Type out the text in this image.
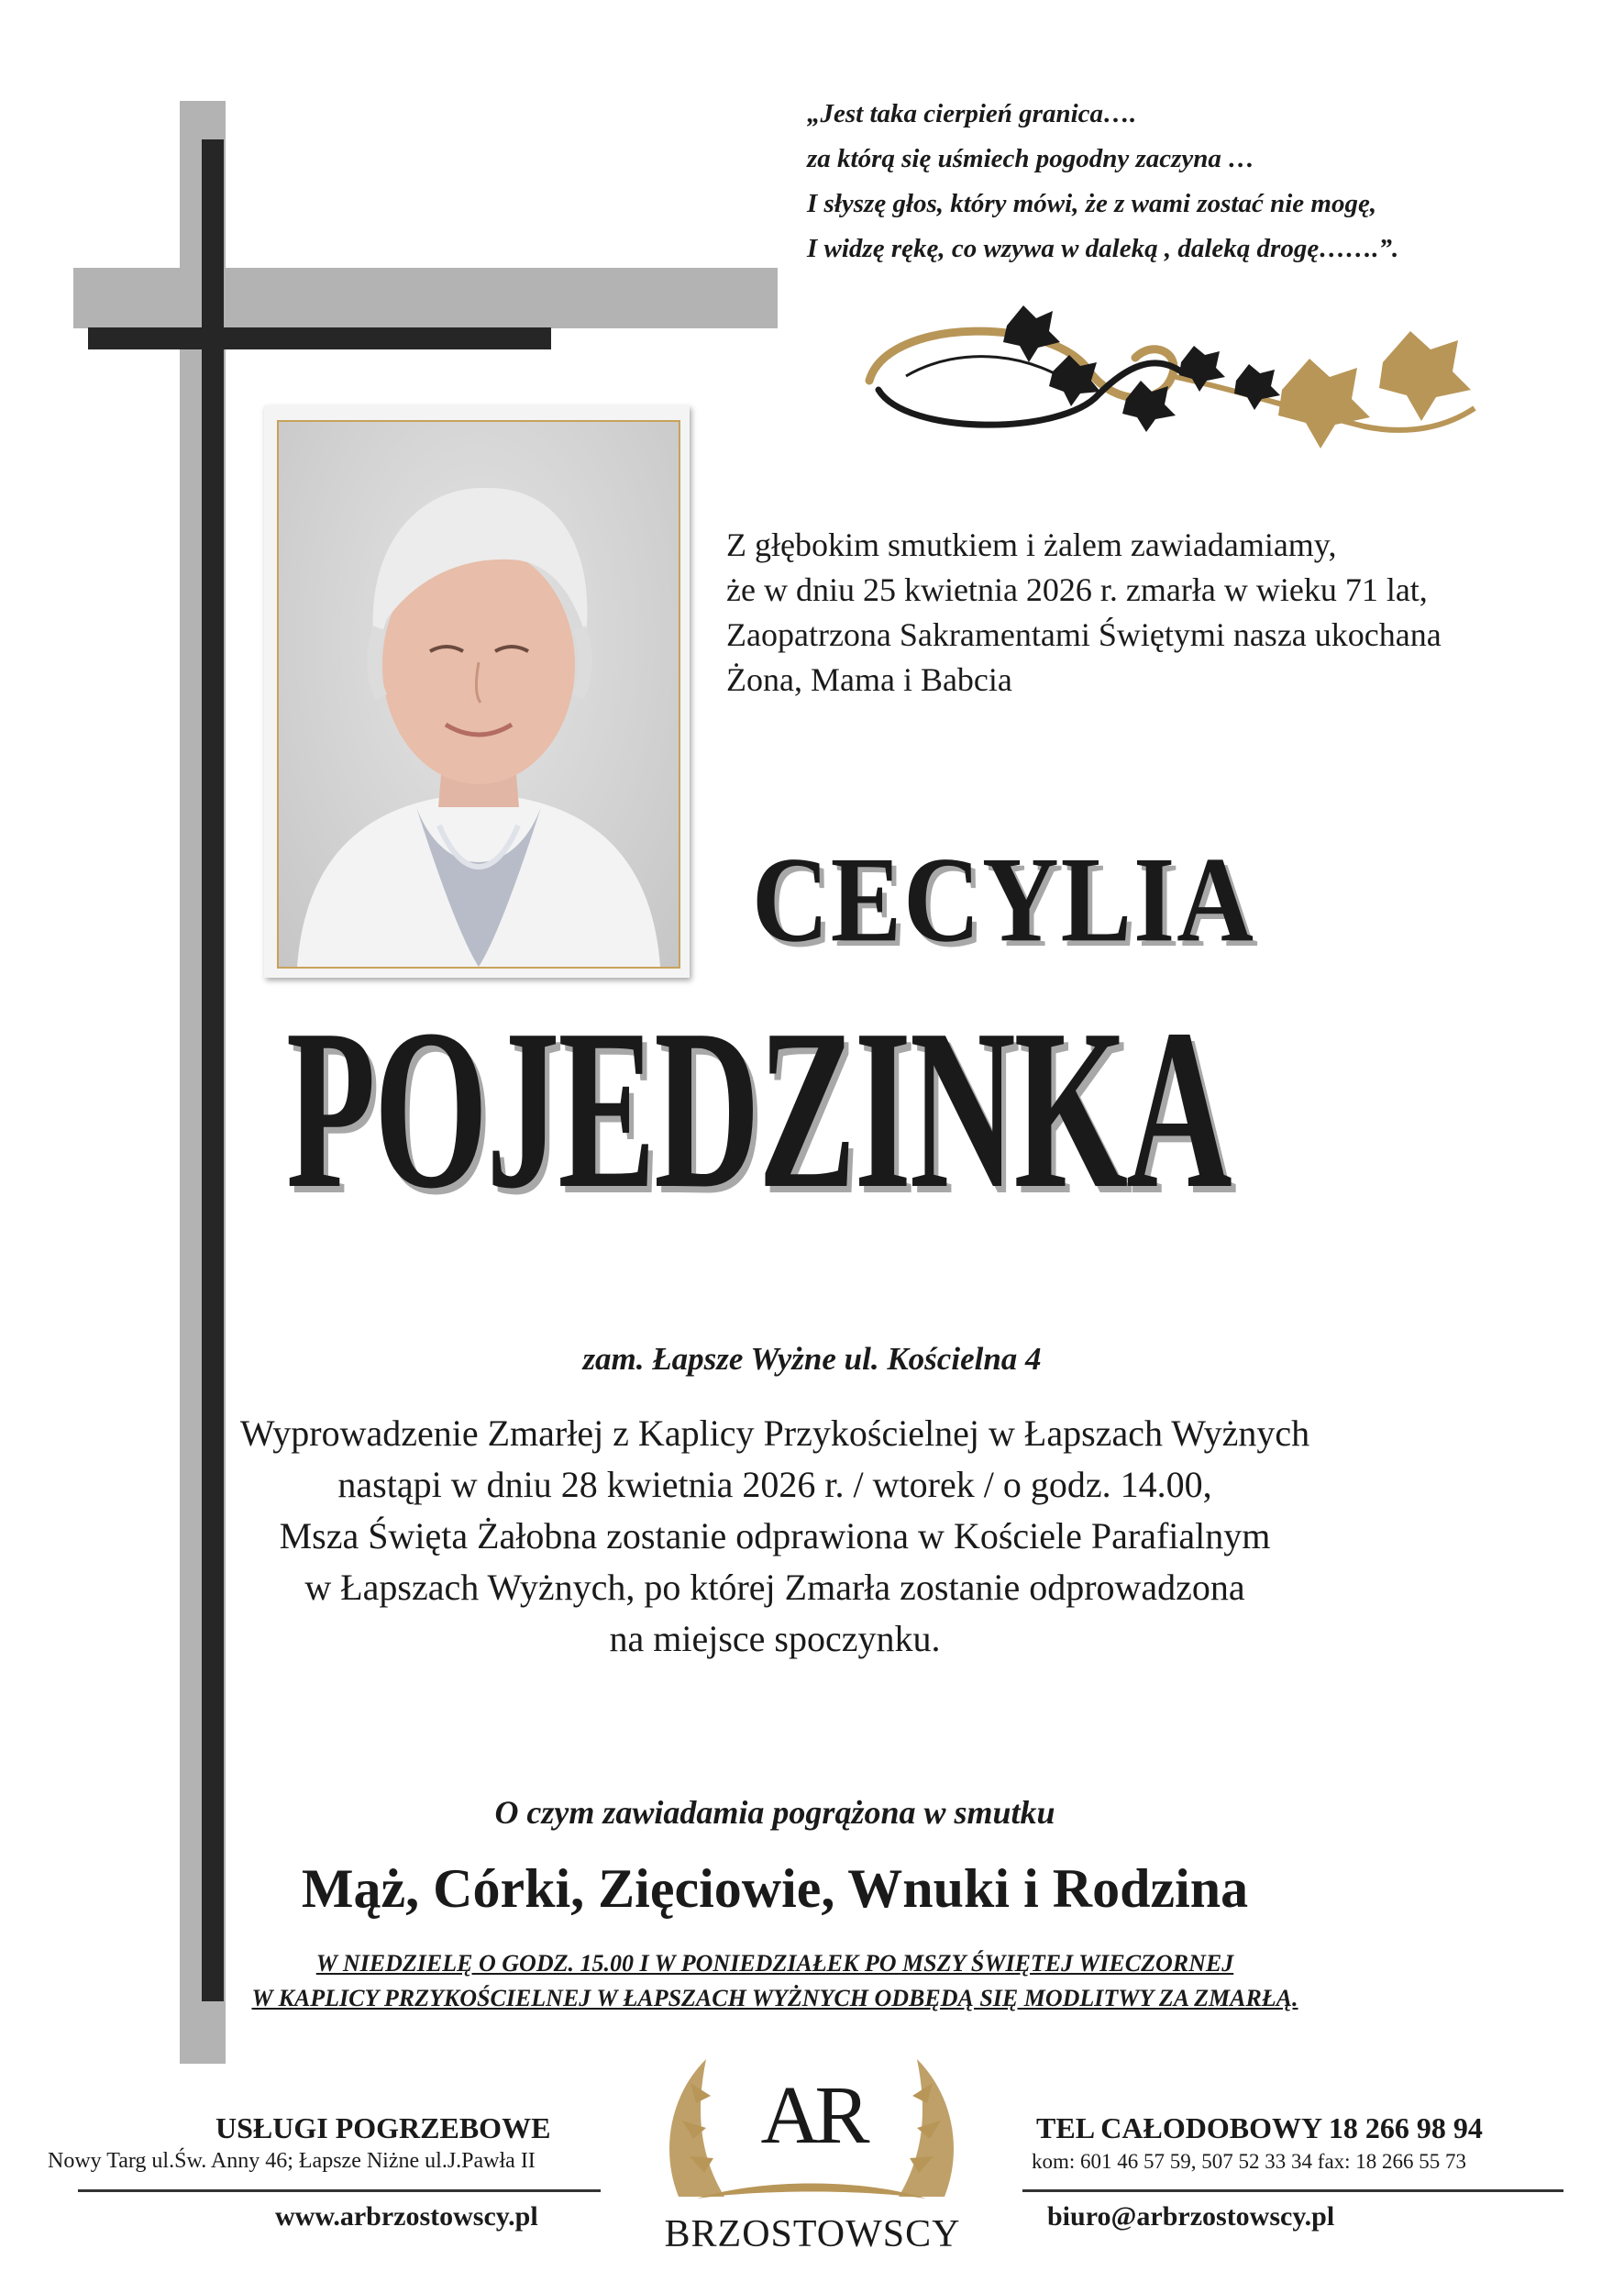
„Jest taka cierpień granica….
za którą się uśmiech pogodny zaczyna …
I słyszę głos, który mówi, że z wami zostać nie mogę,
I widzę rękę, co wzywa w daleką , daleką drogę…….”.
Z głębokim smutkiem i żalem zawiadamiamy,
że w dniu 25 kwietnia 2026 r. zmarła w wieku 71 lat,
Zaopatrzona Sakramentami Świętymi nasza ukochana
Żona, Mama i Babcia
CECYLIA
POJEDZINKA
zam. Łapsze Wyżne ul. Kościelna 4
Wyprowadzenie Zmarłej z Kaplicy Przykościelnej w Łapszach Wyżnych
nastąpi w dniu 28 kwietnia 2026 r. / wtorek / o godz. 14.00,
Msza Święta Żałobna zostanie odprawiona w Kościele Parafialnym
w Łapszach Wyżnych, po której Zmarła zostanie odprowadzona
na miejsce spoczynku.
O czym zawiadamia pogrążona w smutku
Mąż, Córki, Zięciowie, Wnuki i Rodzina
W NIEDZIELĘ O GODZ. 15.00 I W PONIEDZIAŁEK PO MSZY ŚWIĘTEJ WIECZORNEJ
W KAPLICY PRZYKOŚCIELNEJ W ŁAPSZACH WYŻNYCH ODBĘDĄ SIĘ MODLITWY ZA ZMARŁĄ.
USŁUGI POGRZEBOWE
Nowy Targ ul.Św. Anny 46; Łapsze Niżne ul.J.Pawła II
www.arbrzostowscy.pl
TEL CAŁODOBOWY 18 266 98 94
kom: 601 46 57 59, 507 52 33 34 fax: 18 266 55 73
biuro@arbrzostowscy.pl
AR
BRZOSTOWSCY
